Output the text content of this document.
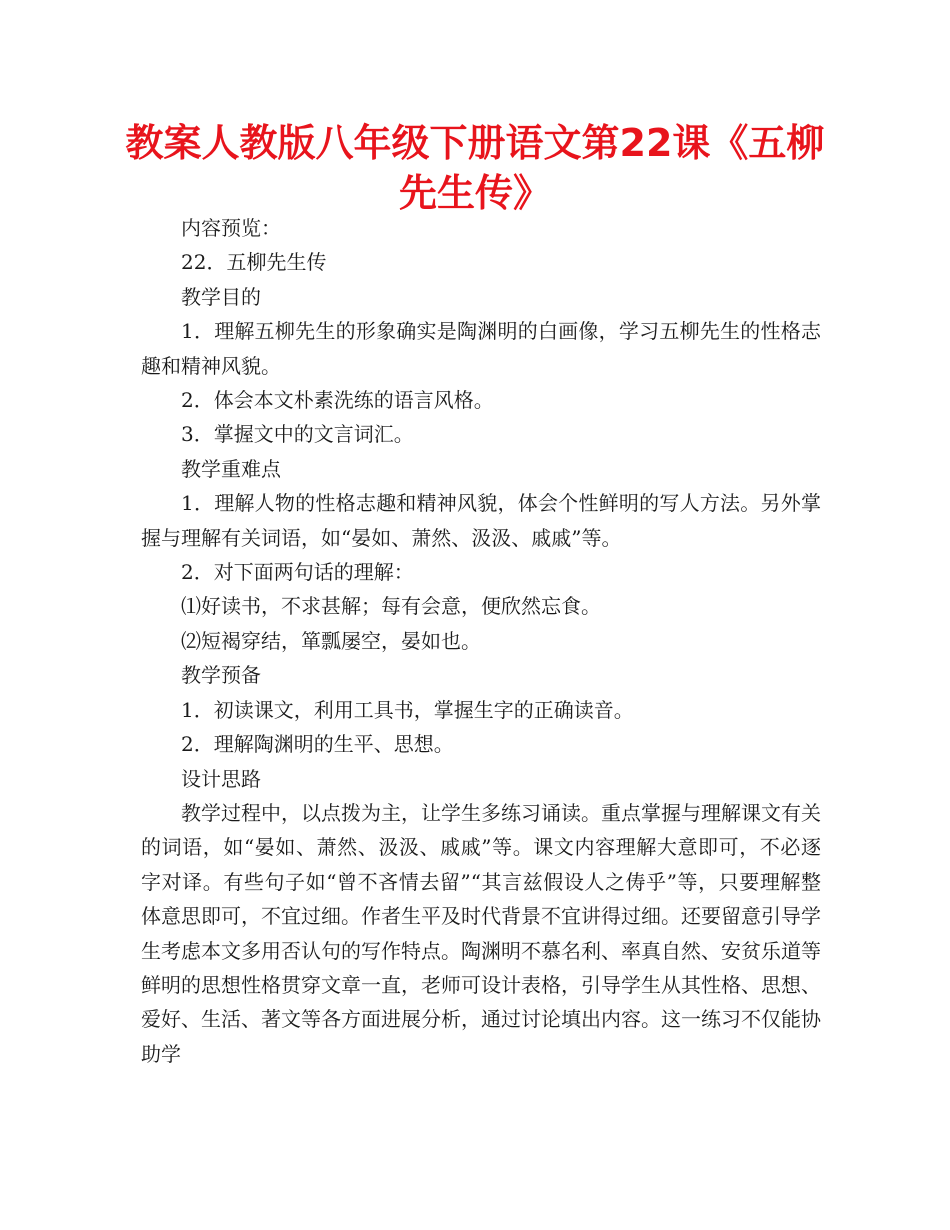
教案人教版八年级下册语文第22课《五柳先生传》

内容预览：

22．五柳先生传

教学目的

1．理解五柳先生的形象确实是陶渊明的白画像，学习五柳先生的性格志趣和精神风貌。

2．体会本文朴素洗练的语言风格。

3．掌握文中的文言词汇。

教学重难点

1．理解人物的性格志趣和精神风貌，体会个性鲜明的写人方法。另外掌握与理解有关词语，如“晏如、萧然、汲汲、戚戚”等。

2．对下面两句话的理解：

⑴好读书，不求甚解；每有会意，便欣然忘食。

⑵短褐穿结，箪瓢屡空，晏如也。

教学预备

1．初读课文，利用工具书，掌握生字的正确读音。

2．理解陶渊明的生平、思想。

设计思路

教学过程中，以点拨为主，让学生多练习诵读。重点掌握与理解课文有关的词语，如“晏如、萧然、汲汲、戚戚”等。课文内容理解大意即可，不必逐字对译。有些句子如“曾不吝情去留”“其言兹假设人之俦乎”等，只要理解整体意思即可，不宜过细。作者生平及时代背景不宜讲得过细。还要留意引导学生考虑本文多用否认句的写作特点。陶渊明不慕名利、率真自然、安贫乐道等鲜明的思想性格贯穿文章一直，老师可设计表格，引导学生从其性格、思想、爱好、生活、著文等各方面进展分析，通过讨论填出内容。这一练习不仅能协助学
